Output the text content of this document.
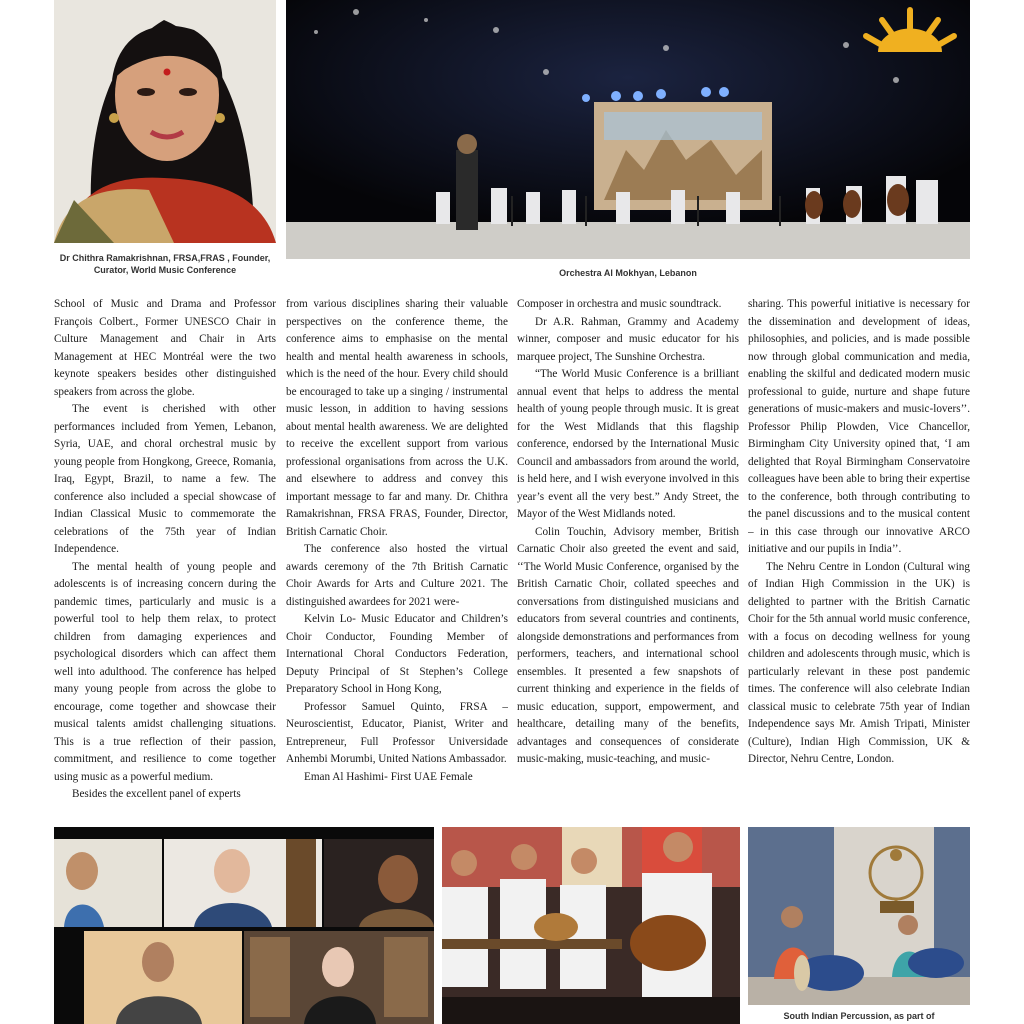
Dr Chithra Ramakrishnan, FRSA,FRAS , Founder, Curator, World Music Conference	Orchestra Al Mokhyan, Lebanon

School of Music and Drama and Professor François Colbert., Former UNESCO Chair in Culture Management and Chair in Arts Management at HEC Montréal were the two keynote speakers besides other distinguished speakers from across the globe.

The event is cherished with other performances included from Yemen, Lebanon, Syria, UAE, and choral orchestral music by young people from Hongkong, Greece, Romania, Iraq, Egypt, Brazil, to name a few. The conference also included a special showcase of Indian Classical Music to commemorate the celebrations of the 75th year of Indian Independence.

The mental health of young people and adolescents is of increasing concern during the pandemic times, particularly and music is a powerful tool to help them relax, to protect children from damaging experiences and psychological disorders which can affect them well into adulthood. The conference has helped many young people from across the globe to encourage, come together and showcase their musical talents amidst challenging situations. This is a true reflection of their passion, commitment, and resilience to come together using music as a powerful medium.

Besides the excellent panel of experts

from various disciplines sharing their valuable perspectives on the conference theme, the conference aims to emphasise on the mental health and mental health awareness in schools, which is the need of the hour. Every child should be encouraged to take up a singing / instrumental music lesson, in addition to having sessions about mental health awareness. We are delighted to receive the excellent support from various professional organisations from across the U.K. and elsewhere to address and convey this important message to far and many. Dr. Chithra Ramakrishnan, FRSA FRAS, Founder, Director, British Carnatic Choir.

The conference also hosted the virtual awards ceremony of the 7th British Carnatic Choir Awards for Arts and Culture 2021. The distinguished awardees for 2021 were-

Kelvin Lo- Music Educator and Children’s Choir Conductor, Founding Member of International Choral Conductors Federation, Deputy Principal of St Stephen’s College Preparatory School in Hong Kong,

Professor Samuel Quinto, FRSA – Neuroscientist, Educator, Pianist, Writer and Entrepreneur, Full Professor Universidade Anhembi Morumbi, United Nations Ambassador.

Eman Al Hashimi- First UAE Female

Composer in orchestra and music soundtrack.

Dr A.R. Rahman, Grammy and Academy winner, composer and music educator for his marquee project, The Sunshine Orchestra.

“The World Music Conference is a brilliant annual event that helps to address the mental health of young people through music. It is great for the West Midlands that this flagship conference, endorsed by the International Music Council and ambassadors from around the world, is held here, and I wish everyone involved in this year’s event all the very best.” Andy Street, the Mayor of the West Midlands noted.

Colin Touchin, Advisory member, British Carnatic Choir also greeted the event and said, ‘‘The World Music Conference, organised by the British Carnatic Choir, collated speeches and conversations from distinguished musicians and educators from several countries and continents, alongside demonstrations and performances from performers, teachers, and international school ensembles. It presented a few snapshots of current thinking and experience in the fields of music education, support, empowerment, and healthcare, detailing many of the benefits, advantages and consequences of considerate music-making, music-teaching, and music-

sharing. This powerful initiative is necessary for the dissemination and development of ideas, philosophies, and policies, and is made possible now through global communication and media, enabling the skilful and dedicated modern music professional to guide, nurture and shape future generations of music-makers and music-lovers’’. Professor Philip Plowden, Vice Chancellor, Birmingham City University opined that, ‘I am delighted that Royal Birmingham Conservatoire colleagues have been able to bring their expertise to the conference, both through contributing to the panel discussions and to the musical content – in this case through our innovative ARCO initiative and our pupils in India’’.

The Nehru Centre in London (Cultural wing of Indian High Commission in the UK) is delighted to partner with the British Carnatic Choir for the 5th annual world music conference, with a focus on decoding wellness for young children and adolescents through music, which is particularly relevant in these post pandemic times. The conference will also celebrate Indian classical music to celebrate 75th year of Indian Independence says Mr. Amish Tripati, Minister (Culture), Indian High Commission, UK & Director, Nehru Centre, London.

South Indian Percussion, as part of
